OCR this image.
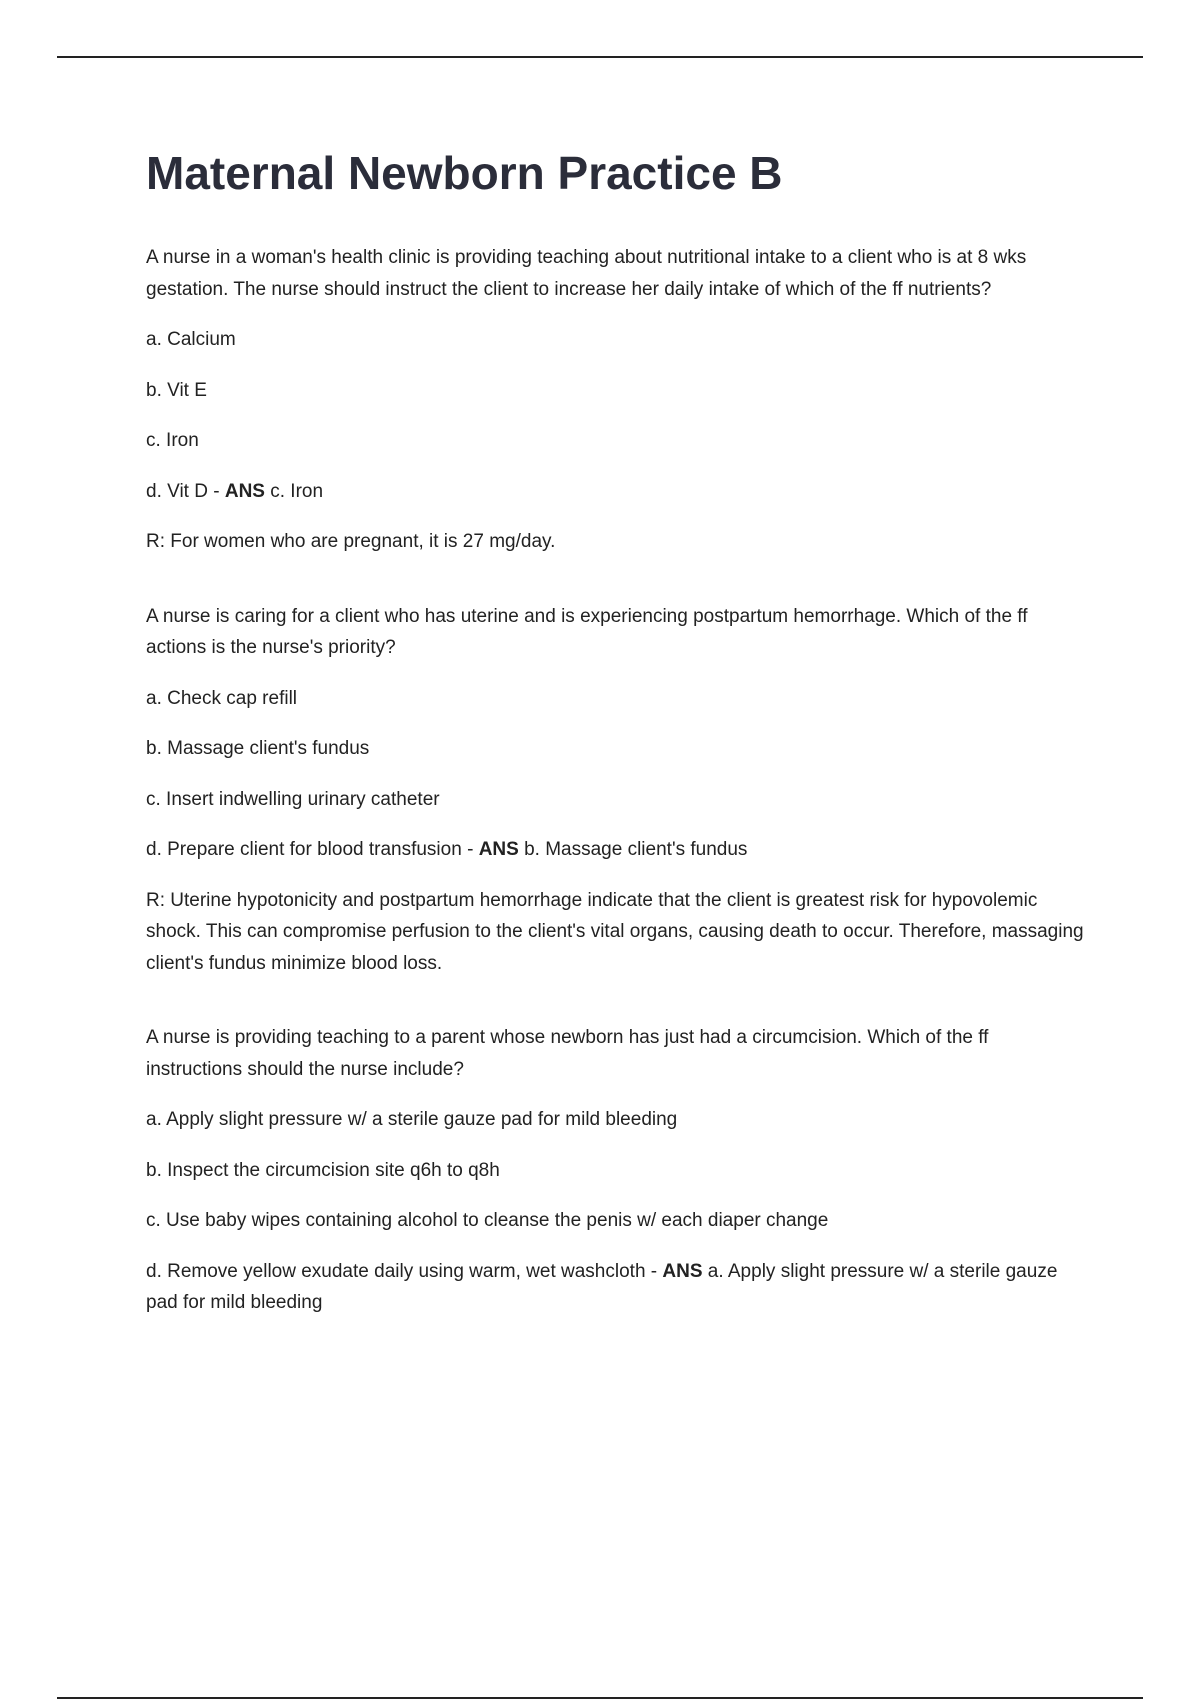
Maternal Newborn Practice B

A nurse in a woman's health clinic is providing teaching about nutritional intake to a client who is at 8 wks gestation. The nurse should instruct the client to increase her daily intake of which of the ff nutrients?

a. Calcium

b. Vit E

c. Iron

d. Vit D - ANS c. Iron

R: For women who are pregnant, it is 27 mg/day.

A nurse is caring for a client who has uterine and is experiencing postpartum hemorrhage. Which of the ff actions is the nurse's priority?

a. Check cap refill

b. Massage client's fundus

c. Insert indwelling urinary catheter

d. Prepare client for blood transfusion - ANS b. Massage client's fundus

R: Uterine hypotonicity and postpartum hemorrhage indicate that the client is greatest risk for hypovolemic shock. This can compromise perfusion to the client's vital organs, causing death to occur. Therefore, massaging client's fundus minimize blood loss.

A nurse is providing teaching to a parent whose newborn has just had a circumcision. Which of the ff instructions should the nurse include?

a. Apply slight pressure w/ a sterile gauze pad for mild bleeding

b. Inspect the circumcision site q6h to q8h

c. Use baby wipes containing alcohol to cleanse the penis w/ each diaper change

d. Remove yellow exudate daily using warm, wet washcloth - ANS a. Apply slight pressure w/ a sterile gauze pad for mild bleeding
